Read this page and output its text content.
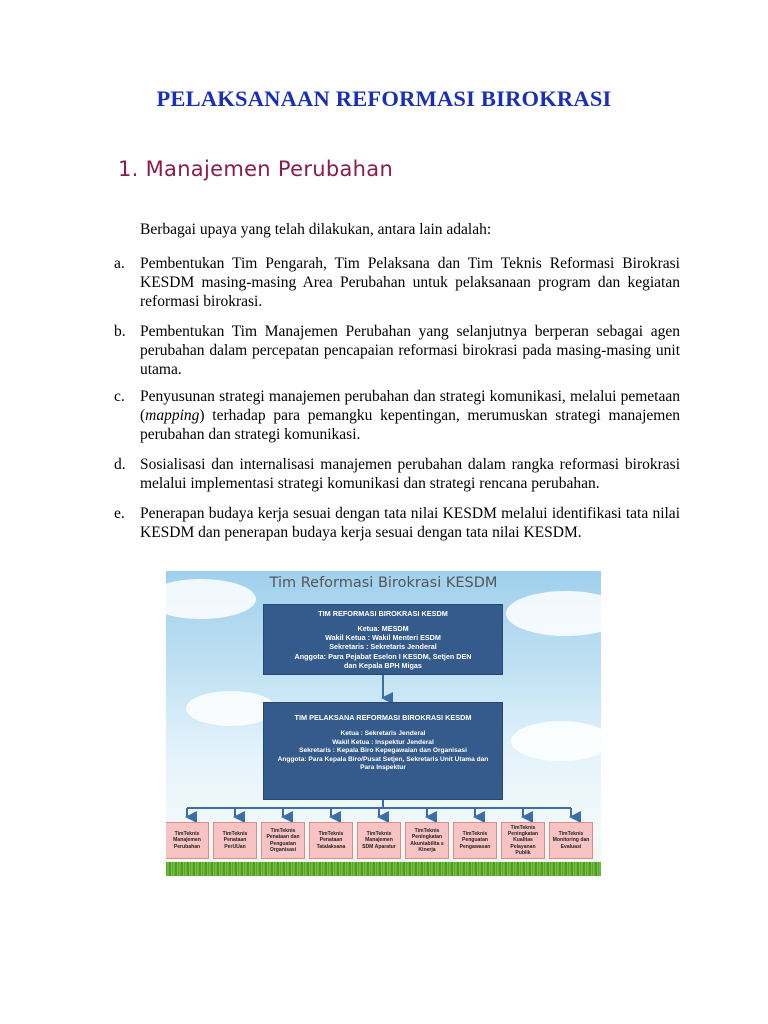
PELAKSANAAN REFORMASI BIROKRASI
1. Manajemen Perubahan
Berbagai upaya yang telah dilakukan, antara lain adalah:
a. Pembentukan Tim Pengarah, Tim Pelaksana dan Tim Teknis Reformasi Birokrasi KESDM masing-masing Area Perubahan untuk pelaksanaan program dan kegiatan reformasi birokrasi.
b. Pembentukan Tim Manajemen Perubahan yang selanjutnya berperan sebagai agen perubahan dalam percepatan pencapaian reformasi birokrasi pada masing-masing unit utama.
c. Penyusunan strategi manajemen perubahan dan strategi komunikasi, melalui pemetaan (mapping) terhadap para pemangku kepentingan, merumuskan strategi manajemen perubahan dan strategi komunikasi.
d. Sosialisasi dan internalisasi manajemen perubahan dalam rangka reformasi birokrasi melalui implementasi strategi komunikasi dan strategi rencana perubahan.
e. Penerapan budaya kerja sesuai dengan tata nilai KESDM melalui identifikasi tata nilai KESDM dan penerapan budaya kerja sesuai dengan tata nilai KESDM.
Tim Reformasi Birokrasi KESDM
TIM REFORMASI BIROKRASI KESDM
Ketua: MESDM
Wakil Ketua : Wakil Menteri ESDM
Sekretaris : Sekretaris Jenderal
Anggota: Para Pejabat Eselon I KESDM, Setjen DEN
dan Kepala BPH Migas
TIM PELAKSANA REFORMASI BIROKRASI KESDM
Ketua : Sekretaris Jenderal
Wakil Ketua : Inspektur Jenderal
Sekretaris : Kepala Biro Kepegawaian dan Organisasi
Anggota: Para Kepala Biro/Pusat Setjen, Sekretaris Unit Utama dan
Para Inspektur
TimTeknis Manajemen Perubahan
TimTeknis Penataan PerUUan
TimTeknis Penataan dan Penguatan Organisasi
TimTeknis Penataan Tatalaksana
TimTeknis Manajemen SDM Aparatur
TimTeknis Peningkatan Akuntabilita s Kinerja
TimTeknis Penguatan Pengawasan
TimTeknis Peningkatan Kualitas Pelayanan Publik
TimTeknis Monitoring dan Evaluasi
